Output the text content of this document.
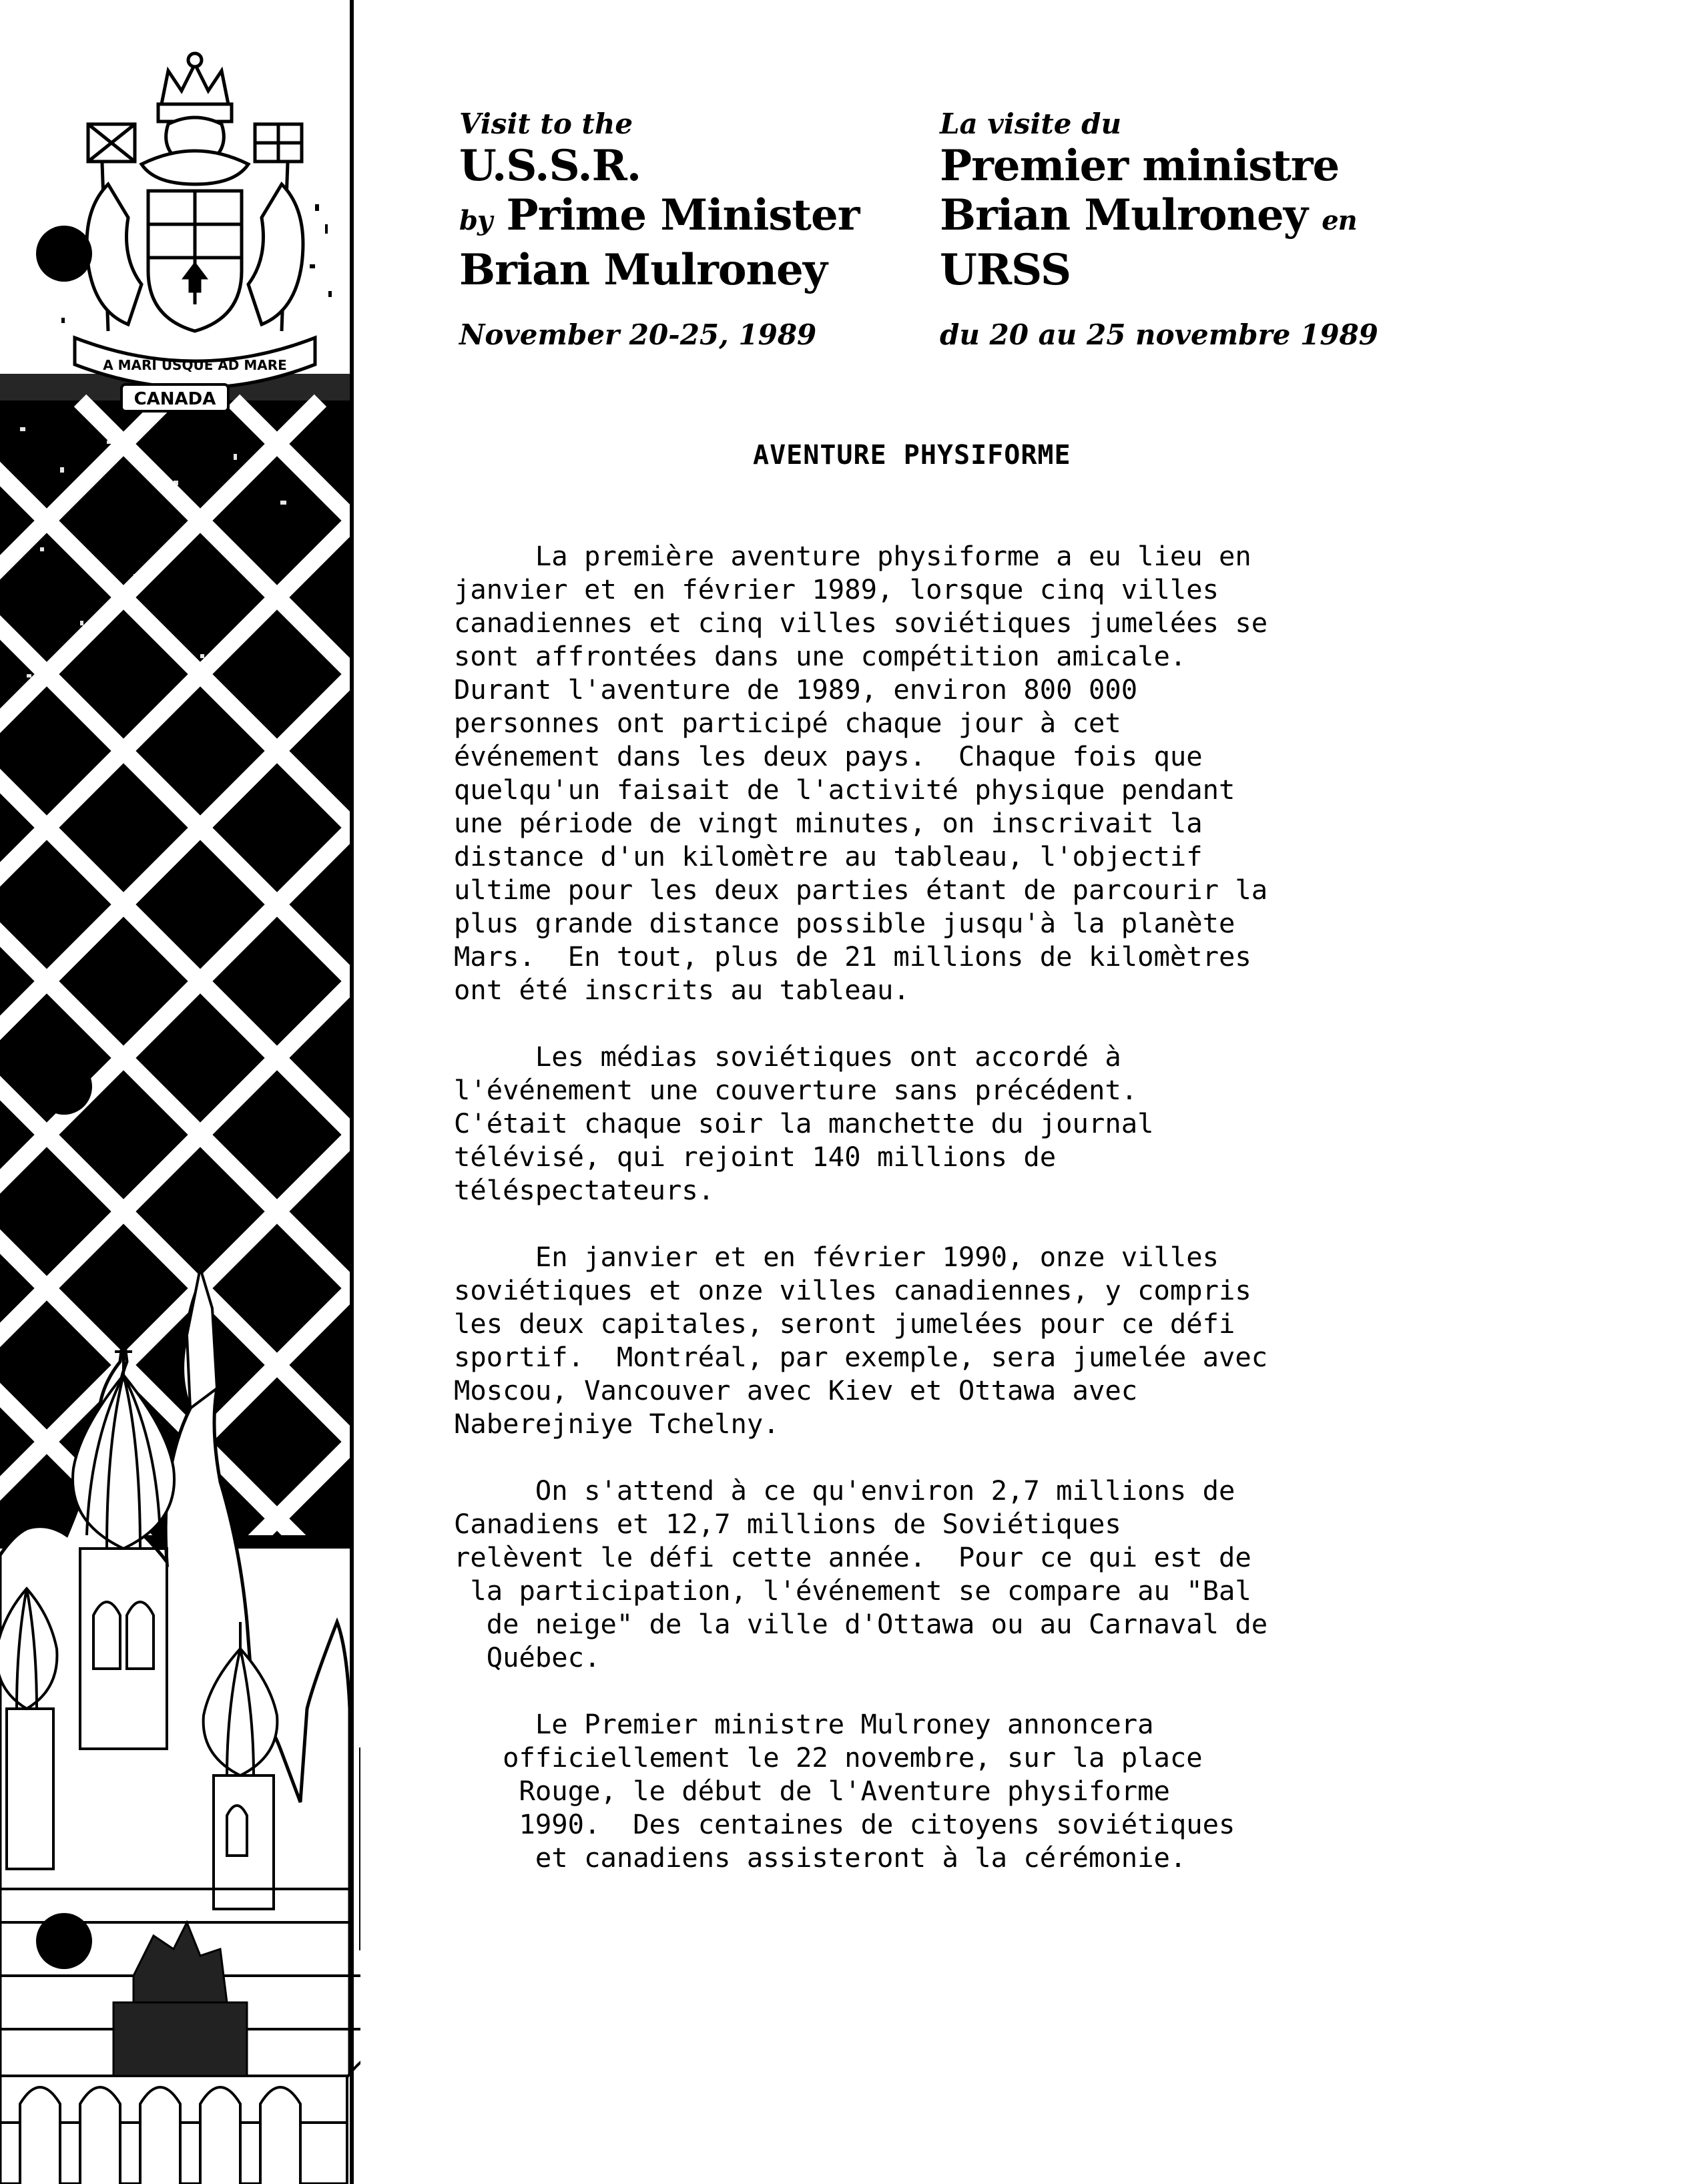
A MARI USQUE AD MARE
CANADA
Visit to the
U.S.S.R.
by Prime Minister
Brian Mulroney
November 20-25, 1989
La visite du
Premier ministre
Brian Mulroney en
URSS
du 20 au 25 novembre 1989
AVENTURE PHYSIFORME
La première aventure physiforme a eu lieu en
janvier et en février 1989, lorsque cinq villes
canadiennes et cinq villes soviétiques jumelées se
sont affrontées dans une compétition amicale.
Durant l'aventure de 1989, environ 800 000
personnes ont participé chaque jour à cet
événement dans les deux pays.  Chaque fois que
quelqu'un faisait de l'activité physique pendant
une période de vingt minutes, on inscrivait la
distance d'un kilomètre au tableau, l'objectif
ultime pour les deux parties étant de parcourir la
plus grande distance possible jusqu'à la planète
Mars.  En tout, plus de 21 millions de kilomètres
ont été inscrits au tableau.
Les médias soviétiques ont accordé à
l'événement une couverture sans précédent.
C'était chaque soir la manchette du journal
télévisé, qui rejoint 140 millions de
téléspectateurs.
En janvier et en février 1990, onze villes
soviétiques et onze villes canadiennes, y compris
les deux capitales, seront jumelées pour ce défi
sportif.  Montréal, par exemple, sera jumelée avec
Moscou, Vancouver avec Kiev et Ottawa avec
Naberejniye Tchelny.
On s'attend à ce qu'environ 2,7 millions de
Canadiens et 12,7 millions de Soviétiques
relèvent le défi cette année.  Pour ce qui est de
la participation, l'événement se compare au "Bal
de neige" de la ville d'Ottawa ou au Carnaval de
Québec.
Le Premier ministre Mulroney annoncera
officiellement le 22 novembre, sur la place
Rouge, le début de l'Aventure physiforme
1990.  Des centaines de citoyens soviétiques
et canadiens assisteront à la cérémonie.
